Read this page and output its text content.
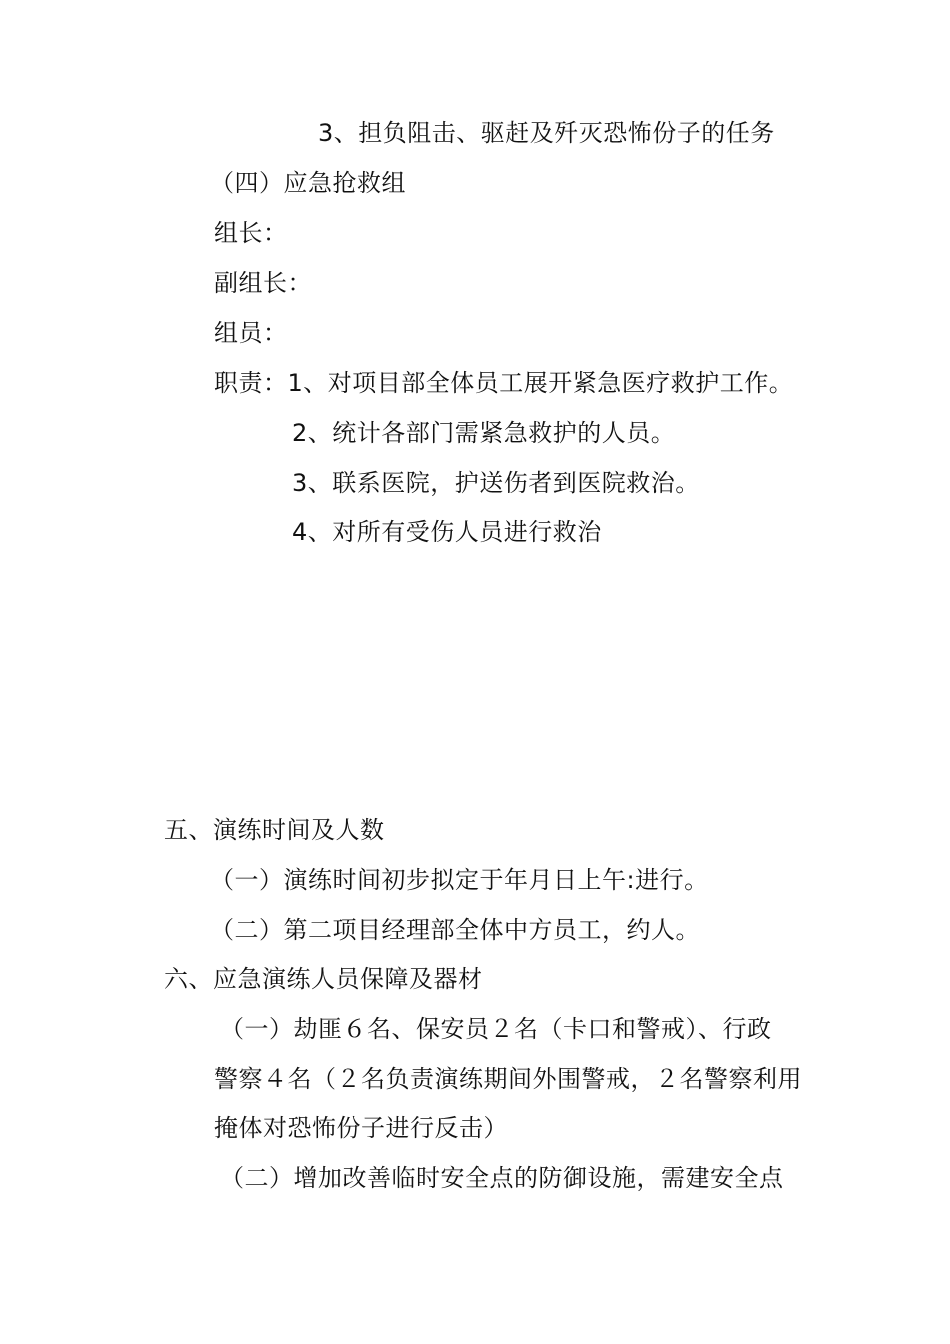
3、担负阻击、驱赶及歼灭恐怖份子的任务
（四）应急抢救组
组长：
副组长：
组员：
职责：1、对项目部全体员工展开紧急医疗救护工作。
2、统计各部门需紧急救护的人员。
3、联系医院，护送伤者到医院救治。
4、对所有受伤人员进行救治
五、演练时间及人数
（一）演练时间初步拟定于年月日上午:进行。
（二）第二项目经理部全体中方员工，约人。
六、应急演练人员保障及器材
（一）劫匪６名、保安员２名（卡口和警戒）、行政
警察４名（２名负责演练期间外围警戒，２名警察利用
掩体对恐怖份子进行反击）
（二）增加改善临时安全点的防御设施，需建安全点
